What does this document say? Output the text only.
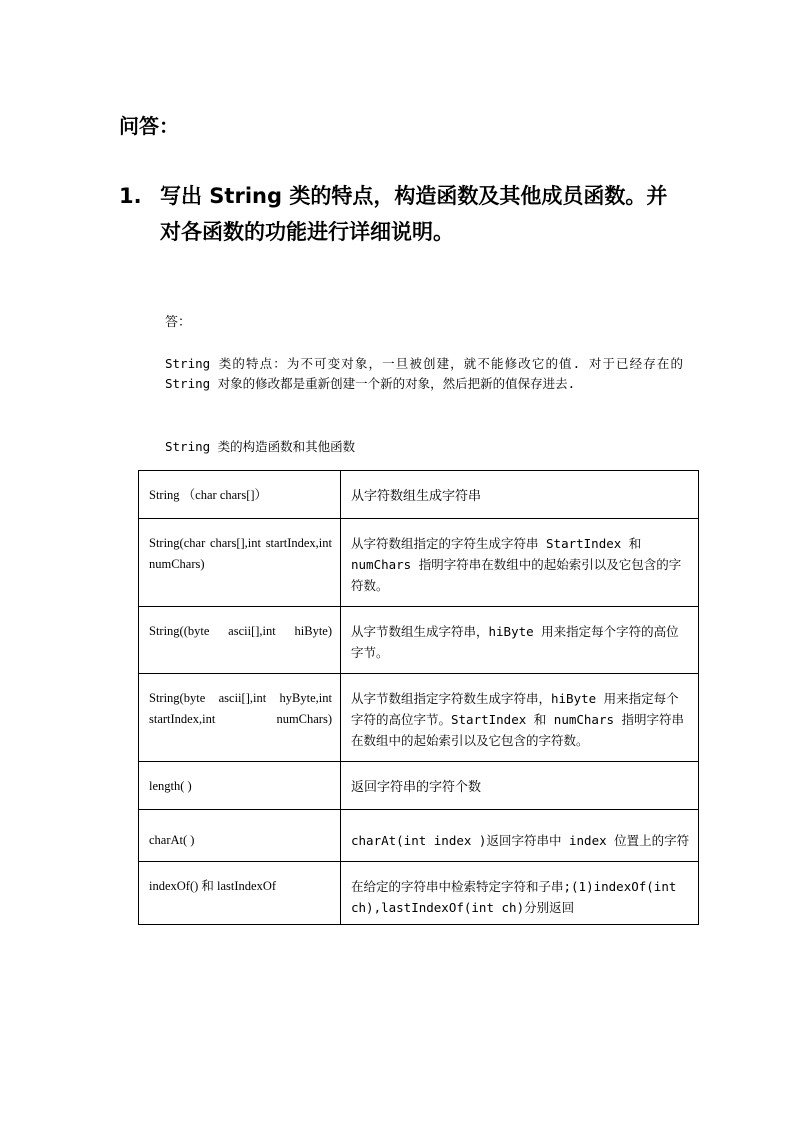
问答：
1. 写出 String 类的特点，构造函数及其他成员函数。并对各函数的功能进行详细说明。
答：
String 类的特点：为不可变对象，一旦被创建，就不能修改它的值. 对于已经存在的 String 对象的修改都是重新创建一个新的对象，然后把新的值保存进去.
String 类的构造函数和其他函数
String （char chars[]）	从字符数组生成字符串

String(char chars[],int startIndex,int numChars)	从字符数组指定的字符生成字符串 StartIndex 和 numChars 指明字符串在数组中的起始索引以及它包含的字符数。

String((byte ascii[],int hiByte)	从字节数组生成字符串，hiByte 用来指定每个字符的高位字节。

String(byte ascii[],int hyByte,int startIndex,int numChars)	从字节数组指定字符数生成字符串，hiByte 用来指定每个字符的高位字节。StartIndex 和 numChars 指明字符串在数组中的起始索引以及它包含的字符数。

length( )	返回字符串的字符个数

charAt( )	charAt(int index )返回字符串中 index 位置上的字符

indexOf() 和 lastIndexOf	在给定的字符串中检索特定字符和子串;(1)indexOf(int ch),lastIndexOf(int ch)分别返回
